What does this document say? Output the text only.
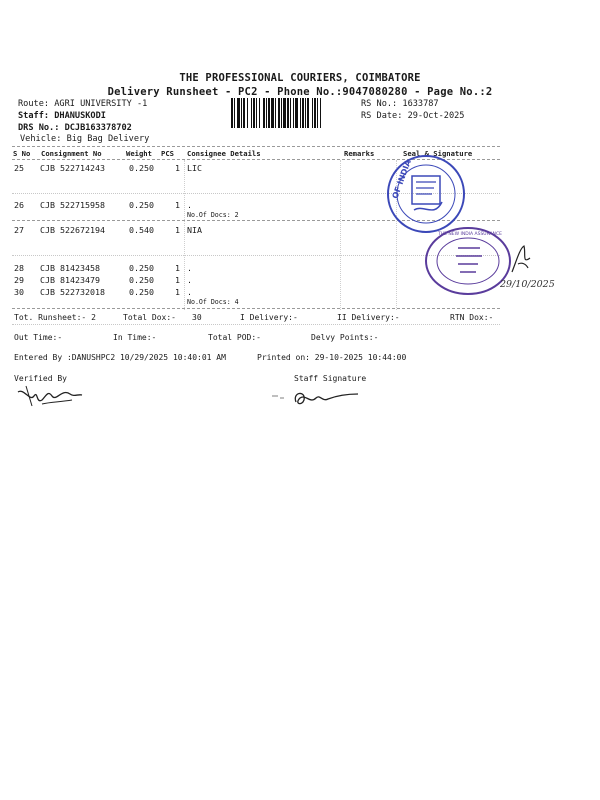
THE PROFESSIONAL COURIERS, COIMBATORE
Delivery Runsheet - PC2 - Phone No.:9047080280 - Page No.:2
Route: AGRI UNIVERSITY -1
Staff: DHANUSKODI
DRS No.: DCJB163378702
Vehicle: Big Bag Delivery
RS No.: 1633787
RS Date: 29-Oct-2025
S No Consignment No	Weight PCS Consignee Details	Remarks	Seal & Signature
25 CJB 522714243	0.250	1 LIC
26 CJB 522715958	0.250	1 .
No.Of Docs: 2
27 CJB 522672194	0.540	1 NIA
28 CJB 81423458	0.250	1 .
29 CJB 81423479	0.250	1 .
30 CJB 522732018	0.250	1 .
No.Of Docs: 4
Tot. Runsheet:- 2	Total Dox:- 30	I Delivery:-	II Delivery:-	RTN Dox:-
Out Time:-	In Time:-	Total POD:-	Delvy Points:-
Entered By :DANUSHPC2 10/29/2025 10:40:01 AM	Printed on: 29-10-2025 10:44:00
Verified By	Staff Signature
OF INDIA
THE NEW INDIA ASSURANCE
29/10/2025
